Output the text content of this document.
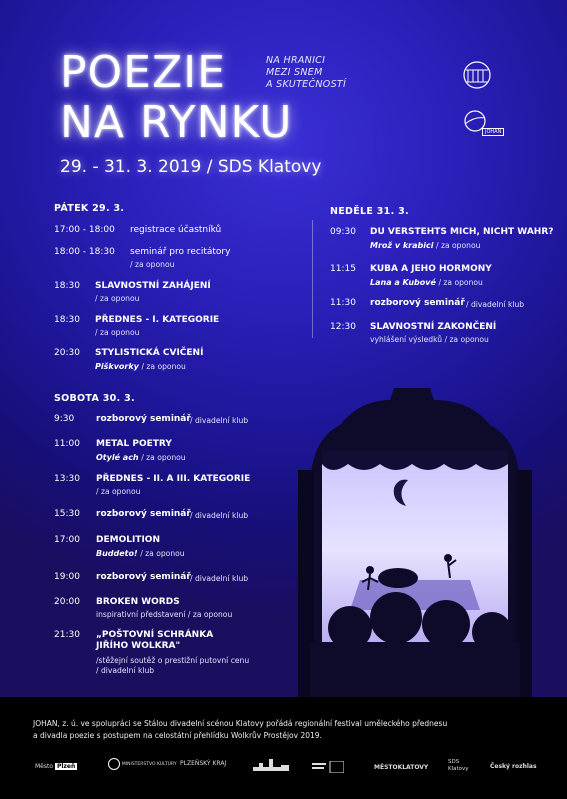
POEZIE
NA RYNKU
NA HRANICI
MEZI SNEM
A SKUTEČNOSTÍ
29. - 31. 3. 2019 / SDS Klatovy
JOHAN
PÁTEK 29. 3.
17:00 - 18:00 registrace účastníků
18:00 - 18:30 seminář pro recitátory
/ za oponou
18:30 SLAVNOSTNÍ ZAHÁJENÍ
/ za oponou
18:30 PŘEDNES - I. KATEGORIE
/ za oponou
20:30 STYLISTICKÁ CVIČENÍ
Piškvorky / za oponou
SOBOTA 30. 3.
9:30 rozborový seminář / divadelní klub
11:00 METAL POETRY
Otylé ach / za oponou
13:30 PŘEDNES - II. A III. KATEGORIE
/ za oponou
15:30 rozborový seminář / divadelní klub
17:00 DEMOLITION
Buddeto! / za oponou
19:00 rozborový seminář / divadelní klub
20:00 BROKEN WORDS
inspirativní představení / za oponou
21:30 „POŠTOVNÍ SCHRÁNKA
JIŘÍHO WOLKRA"
/stěžejní soutěž o prestižní putovní cenu
/ divadelní klub
NEDĚLE 31. 3.
09:30 DU VERSTEHTS MICH, NICHT WAHR?
Mrož v krabici / za oponou
11:15 KUBA A JEHO HORMONY
Lana a Kubové / za oponou
11:30 rozborový seminář / divadelní klub
12:30 SLAVNOSTNÍ ZAKONČENÍ
vyhlášení výsledků / za oponou
JOHAN, z. ú. ve spolupráci se Stálou divadelní scénou Klatovy pořádá regionální festival uměleckého přednesu
a divadla poezie s postupem na celostátní přehlídku Wolkrův Prostějov 2019.
Město Plzeň	MINISTERSTVO KULTURY PLZEŇSKÝ KRAJ
MĚSTOKLATOVY
SDS Klatovy	Český rozhlas
